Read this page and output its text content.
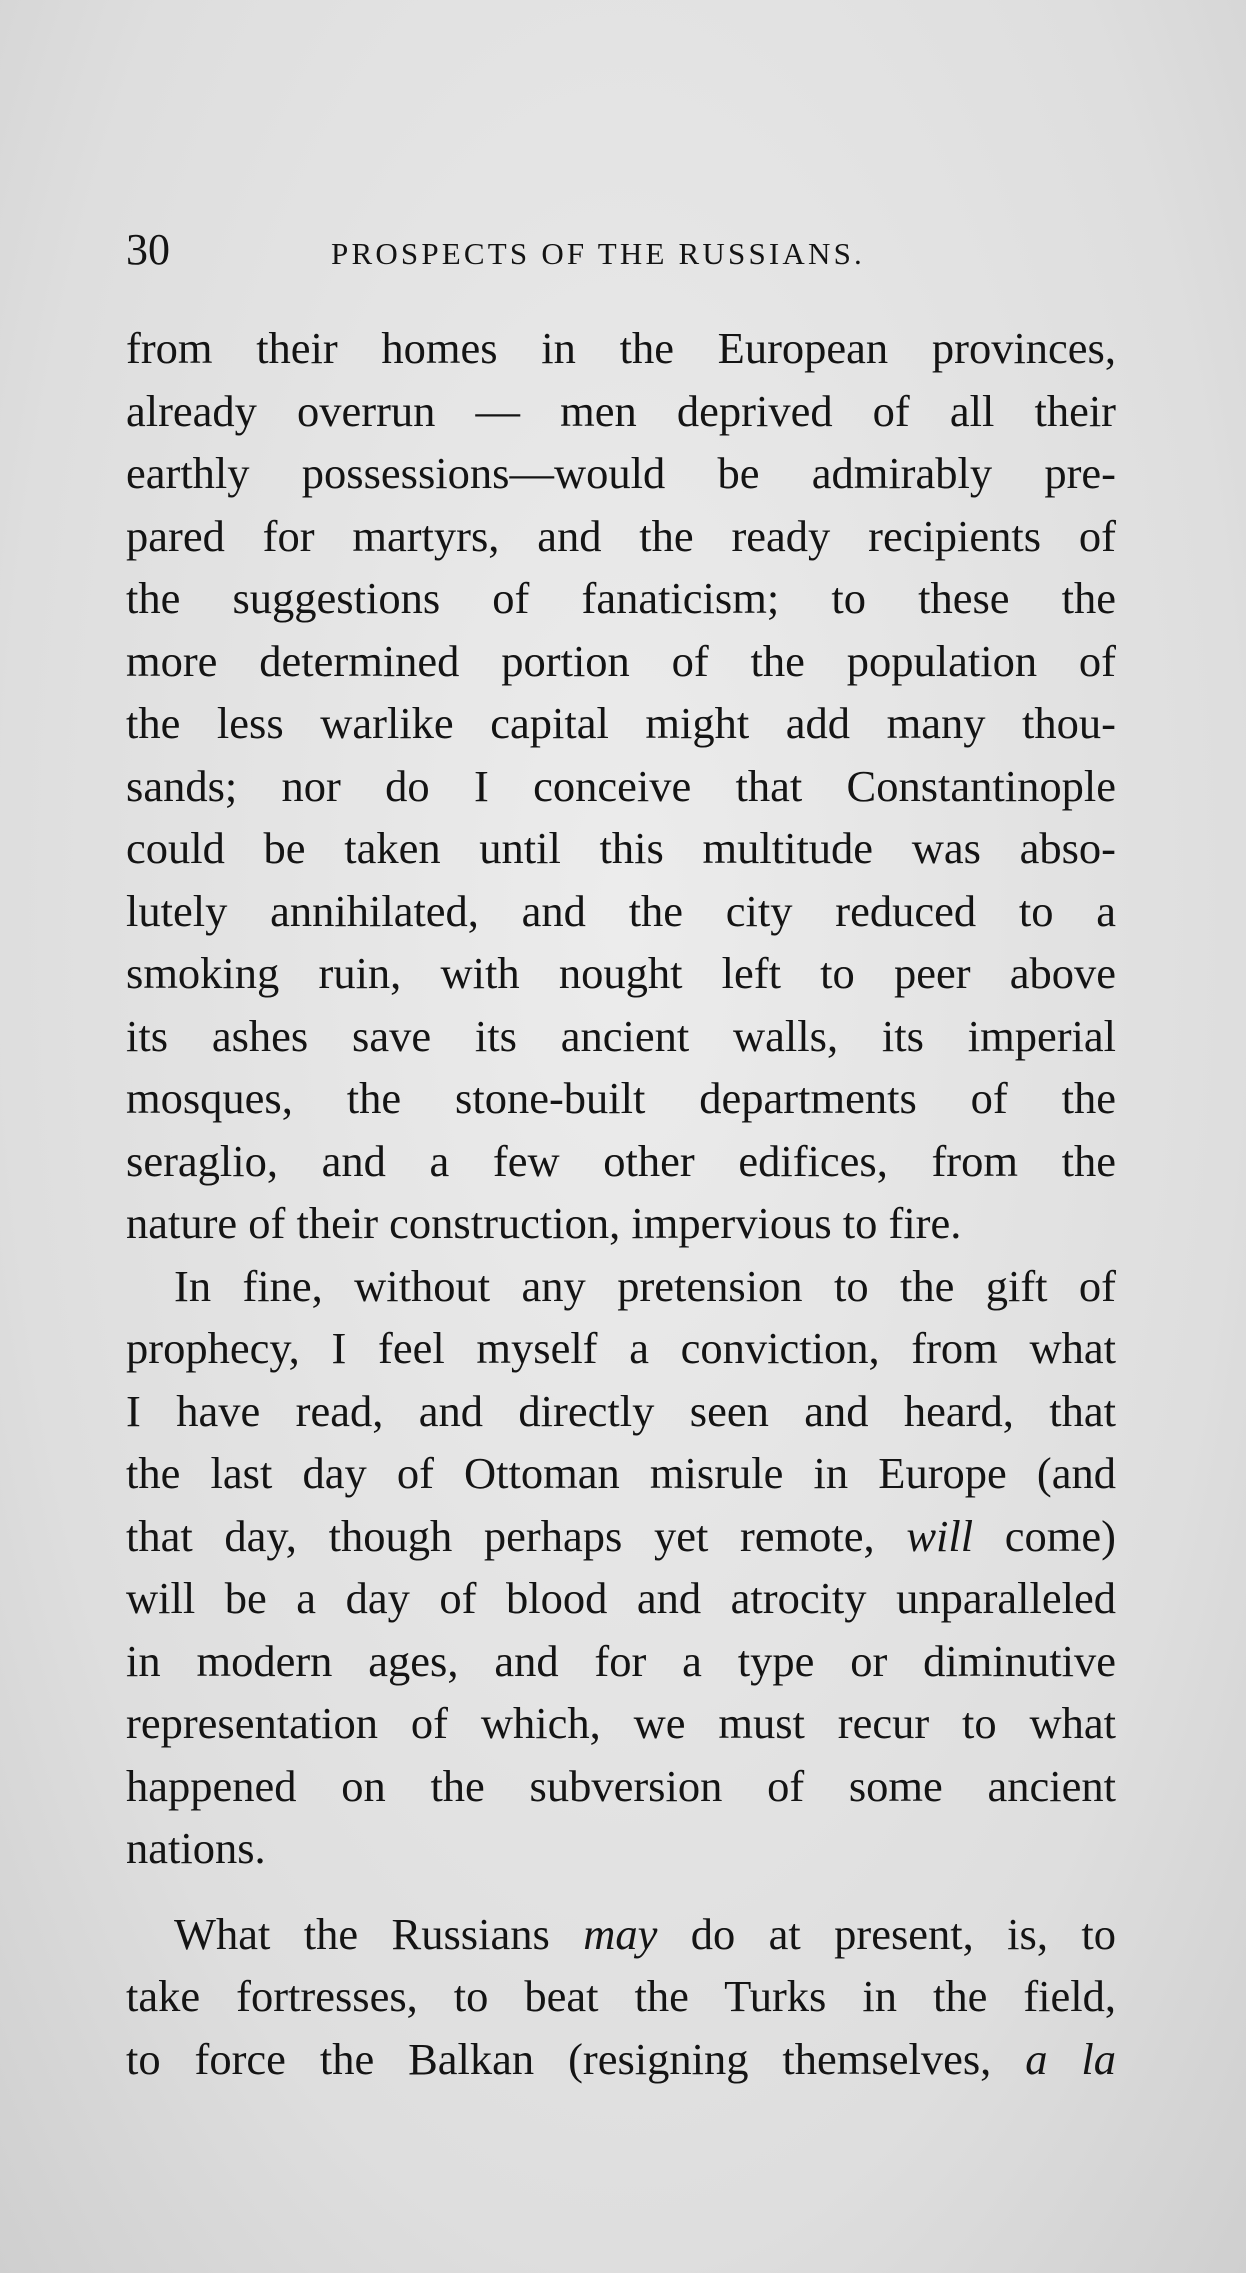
30	PROSPECTS OF THE RUSSIANS.
from their homes in the European provinces,
already overrun — men deprived of all their
earthly possessions—would be admirably pre-
pared for martyrs, and the ready recipients of
the suggestions of fanaticism; to these the
more determined portion of the population of
the less warlike capital might add many thou-
sands; nor do I conceive that Constantinople
could be taken until this multitude was abso-
lutely annihilated, and the city reduced to a
smoking ruin, with nought left to peer above
its ashes save its ancient walls, its imperial
mosques, the stone-built departments of the
seraglio, and a few other edifices, from the
nature of their construction, impervious to fire.
In fine, without any pretension to the gift of
prophecy, I feel myself a conviction, from what
I have read, and directly seen and heard, that
the last day of Ottoman misrule in Europe (and
that day, though perhaps yet remote, will come)
will be a day of blood and atrocity unparalleled
in modern ages, and for a type or diminutive
representation of which, we must recur to what
happened on the subversion of some ancient
nations.
What the Russians may do at present, is, to
take fortresses, to beat the Turks in the field,
to force the Balkan (resigning themselves, a la
